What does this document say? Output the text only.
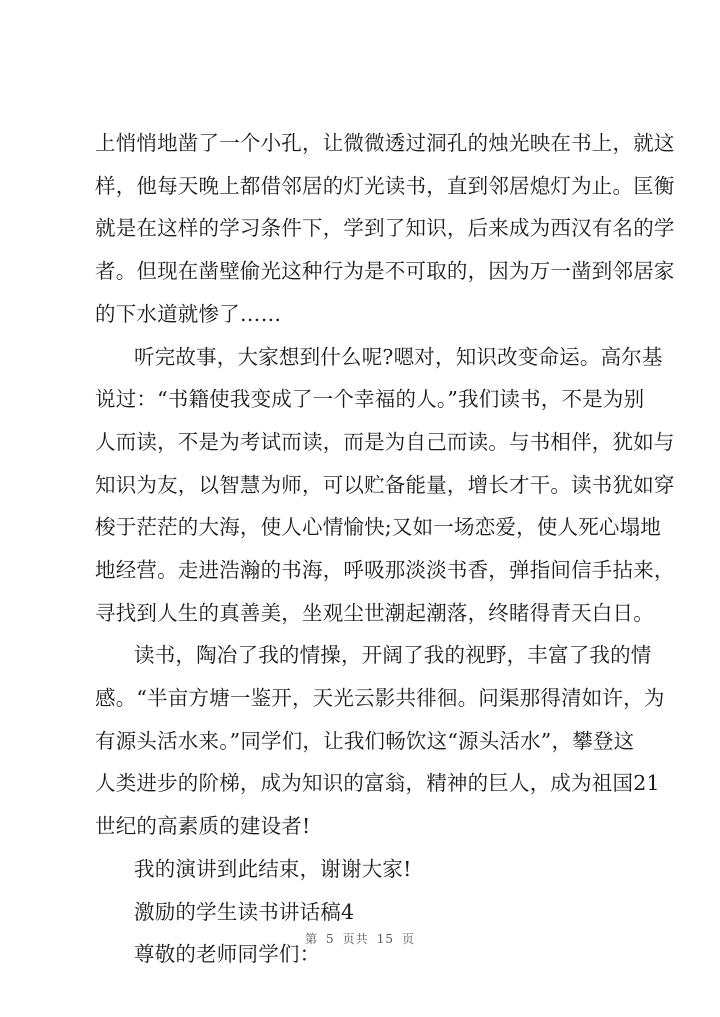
上悄悄地凿了一个小孔，让微微透过洞孔的烛光映在书上，就这
样，他每天晚上都借邻居的灯光读书，直到邻居熄灯为止。匡衡
就是在这样的学习条件下，学到了知识，后来成为西汉有名的学
者。但现在凿壁偷光这种行为是不可取的，因为万一凿到邻居家
的下水道就惨了……
听完故事，大家想到什么呢?嗯对，知识改变命运。高尔基
说过：“书籍使我变成了一个幸福的人。”我们读书，不是为别
人而读，不是为考试而读，而是为自己而读。与书相伴，犹如与
知识为友，以智慧为师，可以贮备能量，增长才干。读书犹如穿
梭于茫茫的大海，使人心情愉快;又如一场恋爱，使人死心塌地
地经营。走进浩瀚的书海，呼吸那淡淡书香，弹指间信手拈来，
寻找到人生的真善美，坐观尘世潮起潮落，终睹得青天白日。
读书，陶冶了我的情操，开阔了我的视野，丰富了我的情
感。“半亩方塘一鉴开，天光云影共徘徊。问渠那得清如许，为
有源头活水来。”同学们，让我们畅饮这“源头活水”，攀登这
人类进步的阶梯，成为知识的富翁，精神的巨人，成为祖国21
世纪的高素质的建设者!
我的演讲到此结束，谢谢大家!
激励的学生读书讲话稿4
尊敬的老师同学们：
第 5 页共 15 页
